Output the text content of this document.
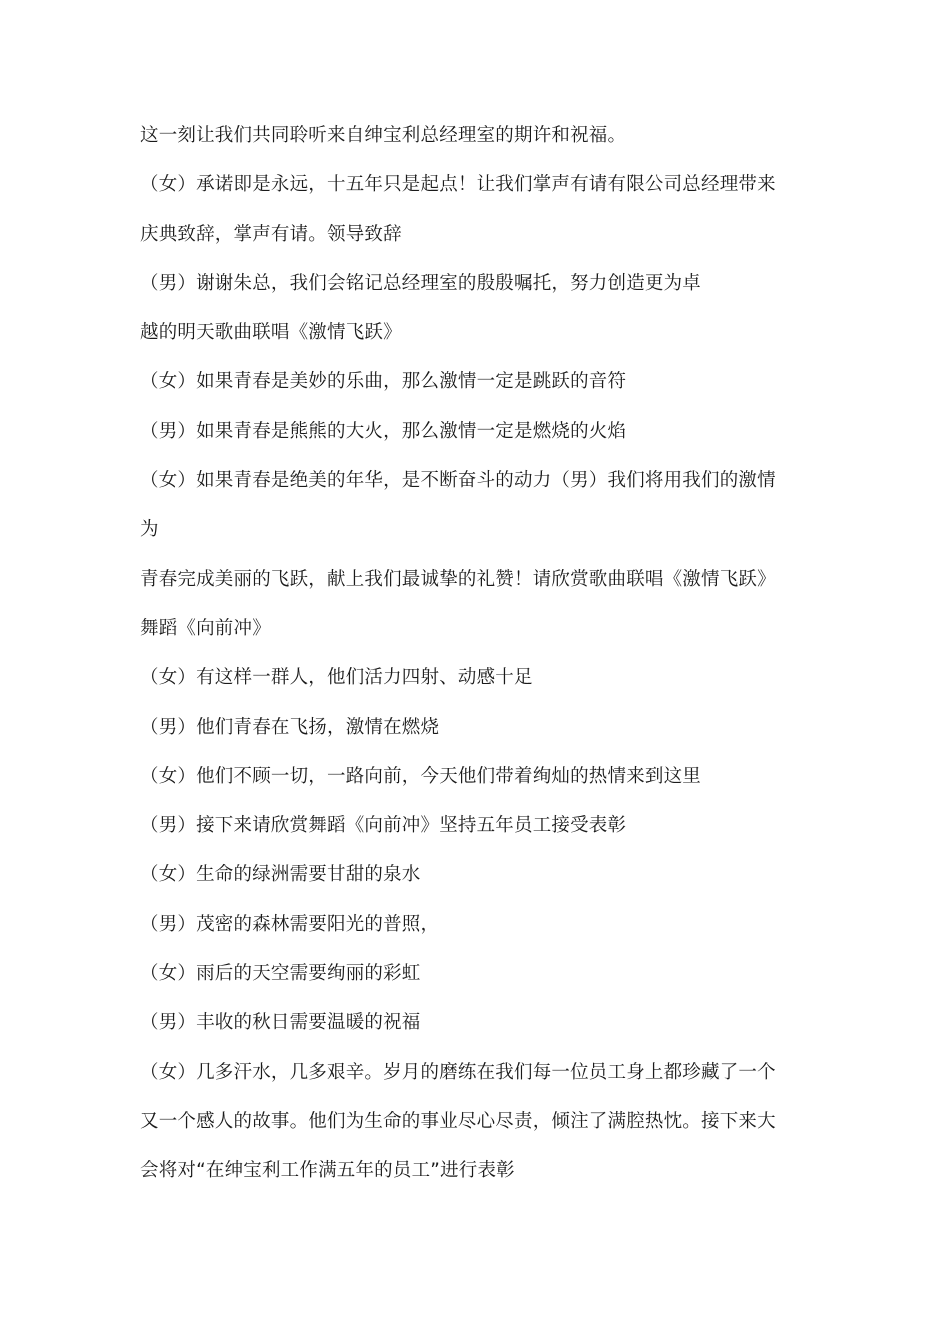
这一刻让我们共同聆听来自绅宝利总经理室的期许和祝福。
（女）承诺即是永远，十五年只是起点！让我们掌声有请有限公司总经理带来
庆典致辞，掌声有请。领导致辞
（男）谢谢朱总，我们会铭记总经理室的殷殷嘱托，努力创造更为卓
越的明天歌曲联唱《激情飞跃》
（女）如果青春是美妙的乐曲，那么激情一定是跳跃的音符
（男）如果青春是熊熊的大火，那么激情一定是燃烧的火焰
（女）如果青春是绝美的年华，是不断奋斗的动力（男）我们将用我们的激情
为
青春完成美丽的飞跃，献上我们最诚挚的礼赞！请欣赏歌曲联唱《激情飞跃》
舞蹈《向前冲》
（女）有这样一群人，他们活力四射、动感十足
（男）他们青春在飞扬，激情在燃烧
（女）他们不顾一切，一路向前，今天他们带着绚灿的热情来到这里
（男）接下来请欣赏舞蹈《向前冲》坚持五年员工接受表彰
（女）生命的绿洲需要甘甜的泉水
（男）茂密的森林需要阳光的普照，
（女）雨后的天空需要绚丽的彩虹
（男）丰收的秋日需要温暖的祝福
（女）几多汗水，几多艰辛。岁月的磨练在我们每一位员工身上都珍藏了一个
又一个感人的故事。他们为生命的事业尽心尽责，倾注了满腔热忱。接下来大
会将对“在绅宝利工作满五年的员工”进行表彰
